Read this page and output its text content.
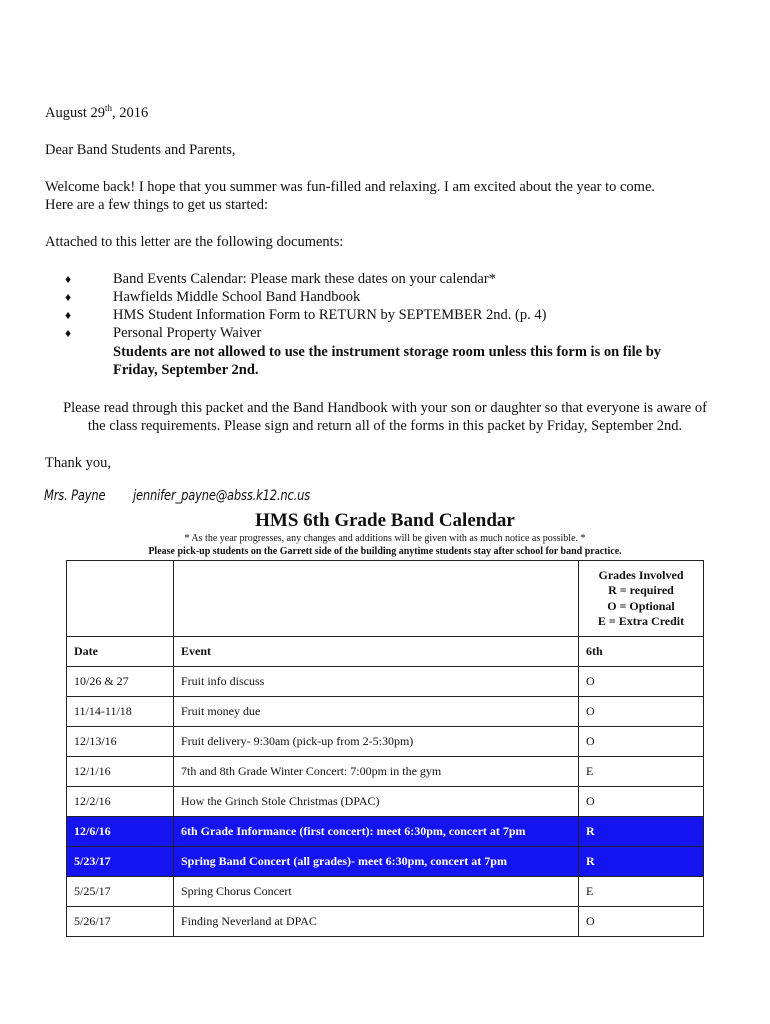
August 29th, 2016

Dear Band Students and Parents,

Welcome back! I hope that you summer was fun-filled and relaxing. I am excited about the year to come.

Here are a few things to get us started:

Attached to this letter are the following documents:

♦	Band Events Calendar: Please mark these dates on your calendar*
♦	Hawfields Middle School Band Handbook
♦	HMS Student Information Form to RETURN by SEPTEMBER 2nd. (p. 4)
♦	Personal Property Waiver
Students are not allowed to use the instrument storage room unless this form is on file by
Friday, September 2nd.

Please read through this packet and the Band Handbook with your son or daughter so that everyone is aware of

the class requirements. Please sign and return all of the forms in this packet by Friday, September 2nd.

Thank you,

Mrs. Payne jennifer_payne@abss.k12.nc.us
HMS 6th Grade Band Calendar
* As the year progresses, any changes and additions will be given with as much notice as possible. *
Please pick-up students on the Garrett side of the building anytime students stay after school for band practice.

		Grades Involved
R = required
O = Optional
E = Extra Credit

Date	Event	6th
10/26 & 27	Fruit info discuss	O
11/14-11/18	Fruit money due	O
12/13/16	Fruit delivery- 9:30am (pick-up from 2-5:30pm)	O
12/1/16	7th and 8th Grade Winter Concert: 7:00pm in the gym	E
12/2/16	How the Grinch Stole Christmas (DPAC)	O
12/6/16	6th Grade Informance (first concert): meet 6:30pm, concert at 7pm	R
5/23/17	Spring Band Concert (all grades)- meet 6:30pm, concert at 7pm	R
5/25/17	Spring Chorus Concert	E
5/26/17	Finding Neverland at DPAC	O
